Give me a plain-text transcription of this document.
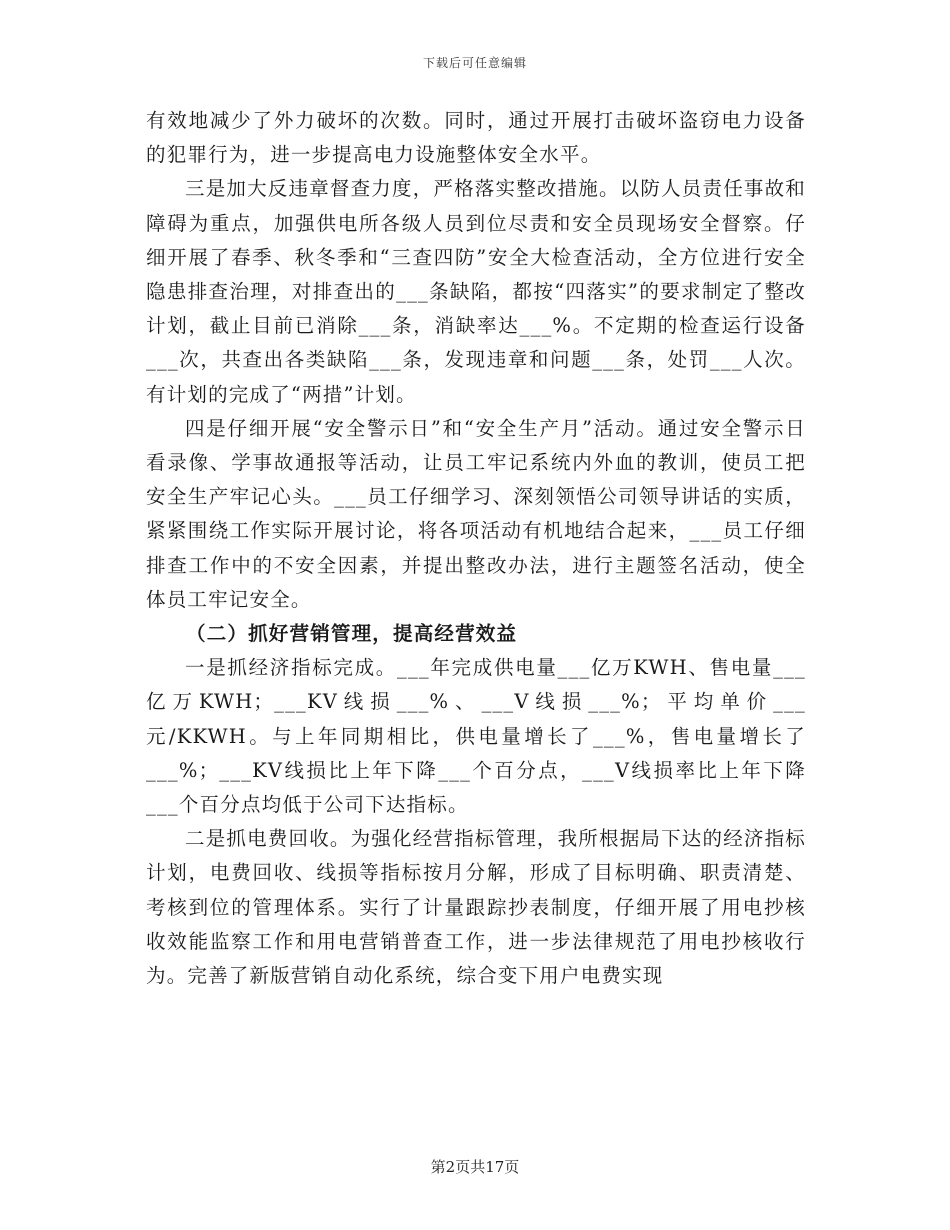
下载后可任意编辑

有效地减少了外力破坏的次数。同时，通过开展打击破坏盗窃电力设备的犯罪行为，进一步提高电力设施整体安全水平。

三是加大反违章督查力度，严格落实整改措施。以防人员责任事故和障碍为重点，加强供电所各级人员到位尽责和安全员现场安全督察。仔细开展了春季、秋冬季和“三查四防”安全大检查活动，全方位进行安全隐患排查治理，对排查出的___条缺陷，都按“四落实”的要求制定了整改计划，截止目前已消除___条，消缺率达___%。不定期的检查运行设备___次，共查出各类缺陷___条，发现违章和问题___条，处罚___人次。有计划的完成了“两措”计划。

四是仔细开展“安全警示日”和“安全生产月”活动。通过安全警示日看录像、学事故通报等活动，让员工牢记系统内外血的教训，使员工把安全生产牢记心头。___员工仔细学习、深刻领悟公司领导讲话的实质，紧紧围绕工作实际开展讨论，将各项活动有机地结合起来，___员工仔细排查工作中的不安全因素，并提出整改办法，进行主题签名活动，使全体员工牢记安全。

（二）抓好营销管理，提高经营效益

一是抓经济指标完成。___年完成供电量___亿万KWH、售电量___亿万KWH；___KV线损___%、___V线损___%；平均单价___元/KKWH。与上年同期相比，供电量增长了___%，售电量增长了___%；___KV线损比上年下降___个百分点，___V线损率比上年下降___个百分点均低于公司下达指标。

二是抓电费回收。为强化经营指标管理，我所根据局下达的经济指标计划，电费回收、线损等指标按月分解，形成了目标明确、职责清楚、考核到位的管理体系。实行了计量跟踪抄表制度，仔细开展了用电抄核收效能监察工作和用电营销普查工作，进一步法律规范了用电抄核收行为。完善了新版营销自动化系统，综合变下用户电费实现

第2页共17页
